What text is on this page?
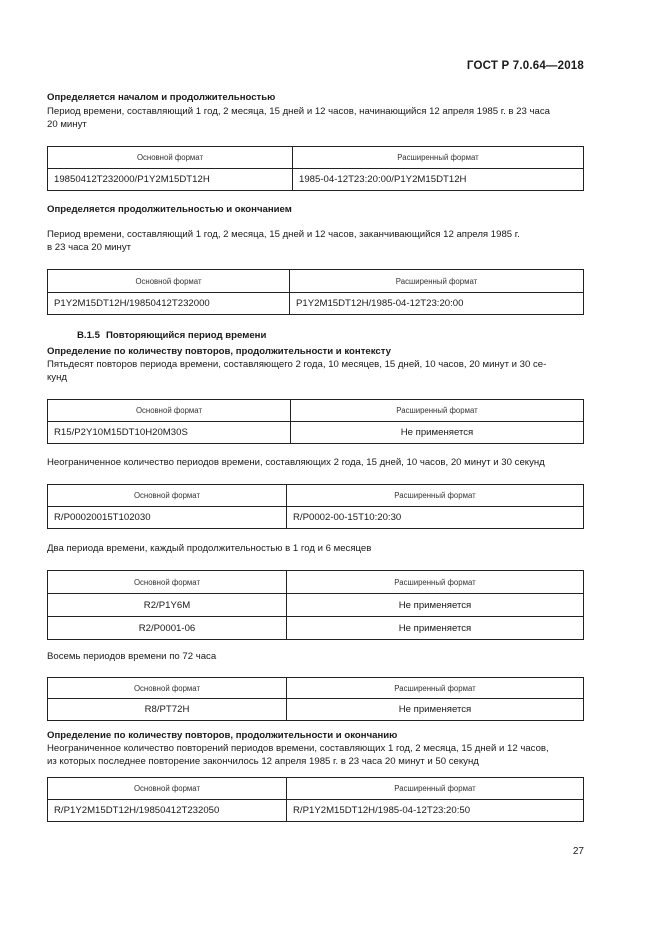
ГОСТ Р 7.0.64—2018
Определяется началом и продолжительностью
Период времени, составляющий 1 год, 2 месяца, 15 дней и 12 часов, начинающийся 12 апреля 1985 г. в 23 часа
20 минут
Основной формат	Расширенный формат
19850412T232000/P1Y2M15DT12H	1985-04-12T23:20:00/P1Y2M15DT12H
Определяется продолжительностью и окончанием
Период времени, составляющий 1 год, 2 месяца, 15 дней и 12 часов, заканчивающийся 12 апреля 1985 г.
в 23 часа 20 минут
Основной формат	Расширенный формат
P1Y2M15DT12H/19850412T232000	P1Y2M15DT12H/1985-04-12T23:20:00
B.1.5 Повторяющийся период времени
Определение по количеству повторов, продолжительности и контексту
Пятьдесят повторов периода времени, составляющего 2 года, 10 месяцев, 15 дней, 10 часов, 20 минут и 30 се-
кунд
Основной формат	Расширенный формат
R15/P2Y10M15DT10H20M30S	Не применяется
Неограниченное количество периодов времени, составляющих 2 года, 15 дней, 10 часов, 20 минут и 30 секунд
Основной формат	Расширенный формат
R/P00020015T102030	R/P0002-00-15T10:20:30
Два периода времени, каждый продолжительностью в 1 год и 6 месяцев
Основной формат	Расширенный формат
R2/P1Y6M	Не применяется
R2/P0001-06	Не применяется
Восемь периодов времени по 72 часа
Основной формат	Расширенный формат
R8/PT72H	Не применяется
Определение по количеству повторов, продолжительности и окончанию
Неограниченное количество повторений периодов времени, составляющих 1 год, 2 месяца, 15 дней и 12 часов,
из которых последнее повторение закончилось 12 апреля 1985 г. в 23 часа 20 минут и 50 секунд
Основной формат	Расширенный формат
R/P1Y2M15DT12H/19850412T232050	R/P1Y2M15DT12H/1985-04-12T23:20:50
27
